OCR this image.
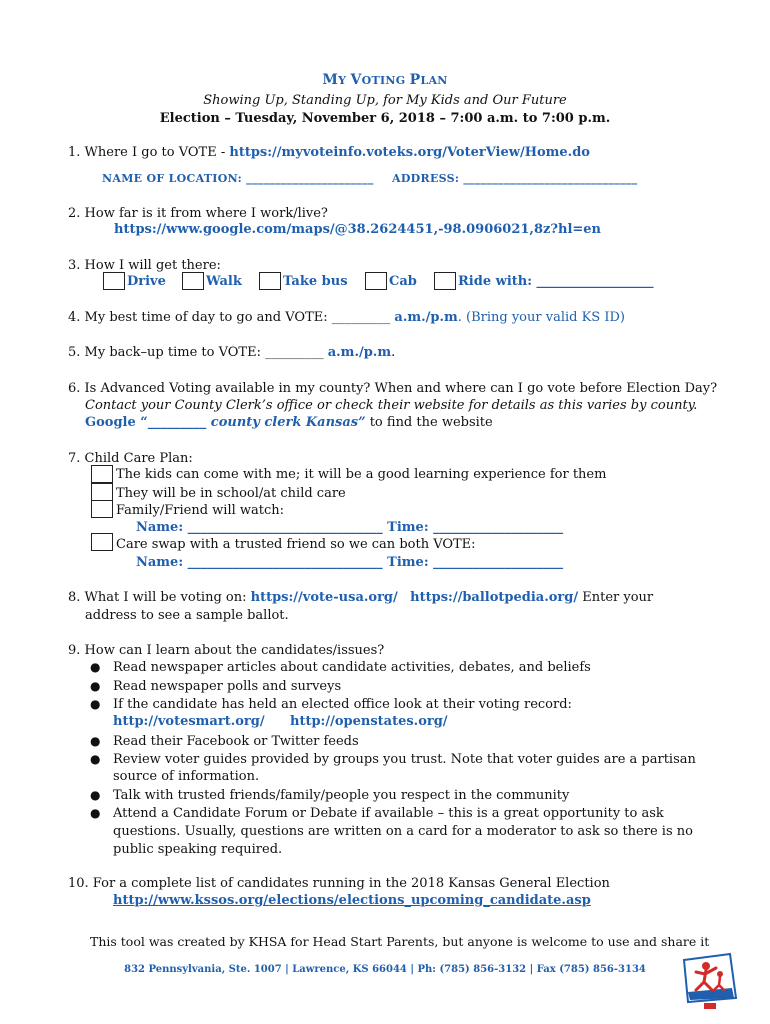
MY VOTING PLAN
Showing Up, Standing Up, for My Kids and Our Future
Election – Tuesday, November 6, 2018 – 7:00 a.m. to 7:00 p.m.
1. Where I go to VOTE - https://myvoteinfo.voteks.org/VoterView/Home.do
NAME OF LOCATION: ______________________ ADDRESS: ______________________________
2. How far is it from where I work/live?
https://www.google.com/maps/@38.2624451,-98.0906021,8z?hl=en
3. How I will get there:
Drive	Walk	Take bus	Cab	Ride with: __________________
4. My best time of day to go and VOTE: _________ a.m./p.m. (Bring your valid KS ID)
5. My back–up time to VOTE: _________ a.m./p.m.
6. Is Advanced Voting available in my county? When and where can I go vote before Election Day?
Contact your County Clerk’s office or check their website for details as this varies by county.
Google “_________ county clerk Kansas” to find the website
7. Child Care Plan:
The kids can come with me; it will be a good learning experience for them
They will be in school/at child care
Family/Friend will watch:
Name: ______________________________ Time: ____________________
Care swap with a trusted friend so we can both VOTE:
Name: ______________________________ Time: ____________________
8. What I will be voting on: https://vote-usa.org/ https://ballotpedia.org/ Enter your
address to see a sample ballot.
9. How can I learn about the candidates/issues?
● Read newspaper articles about candidate activities, debates, and beliefs
● Read newspaper polls and surveys
● If the candidate has held an elected office look at their voting record:
http://votesmart.org/ http://openstates.org/
● Read their Facebook or Twitter feeds
● Review voter guides provided by groups you trust. Note that voter guides are a partisan
source of information.
● Talk with trusted friends/family/people you respect in the community
● Attend a Candidate Forum or Debate if available – this is a great opportunity to ask
questions. Usually, questions are written on a card for a moderator to ask so there is no
public speaking required.
10. For a complete list of candidates running in the 2018 Kansas General Election
http://www.kssos.org/elections/elections_upcoming_candidate.asp
This tool was created by KHSA for Head Start Parents, but anyone is welcome to use and share it
832 Pennsylvania, Ste. 1007 | Lawrence, KS 66044 | Ph: (785) 856-3132 | Fax (785) 856-3134
